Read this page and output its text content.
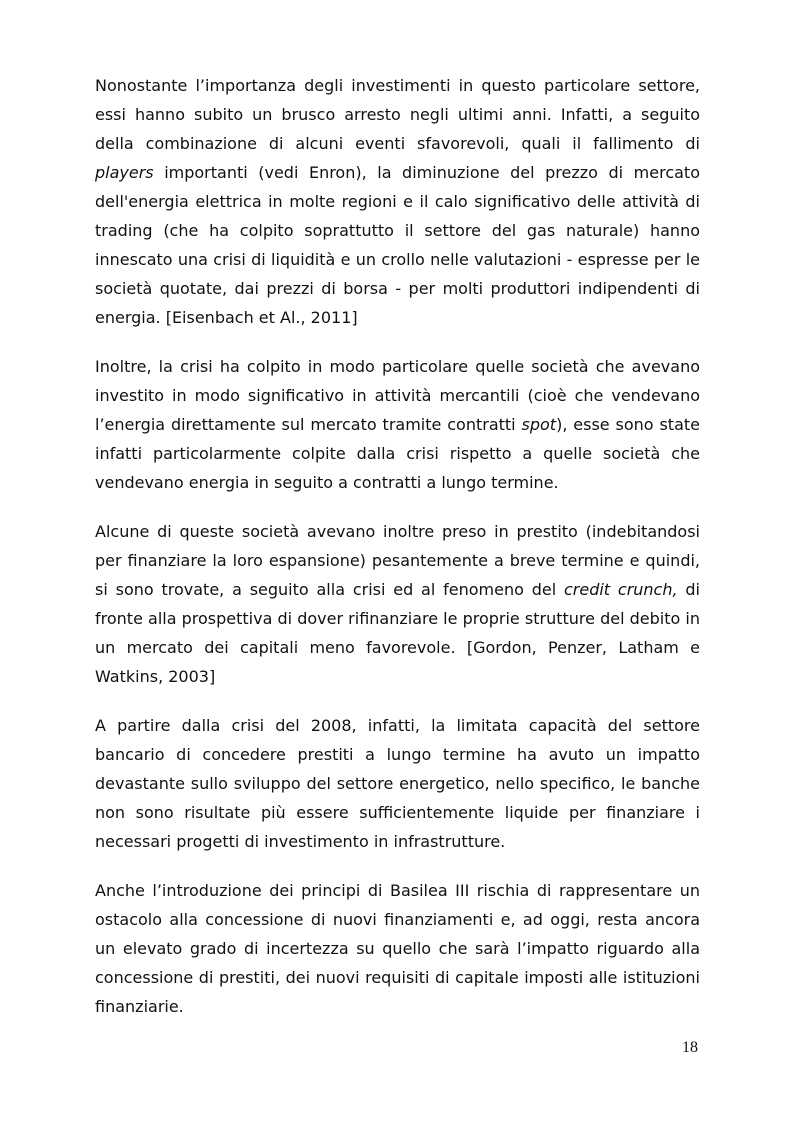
Nonostante l’importanza degli investimenti in questo particolare settore, essi hanno subito un brusco arresto negli ultimi anni. Infatti, a seguito della combinazione di alcuni eventi sfavorevoli, quali il fallimento di players importanti (vedi Enron), la diminuzione del prezzo di mercato dell'energia elettrica in molte regioni e il calo significativo delle attività di trading (che ha colpito soprattutto il settore del gas naturale) hanno innescato una crisi di liquidità e un crollo nelle valutazioni - espresse per le società quotate, dai prezzi di borsa - per molti produttori indipendenti di energia. [Eisenbach et Al., 2011]

Inoltre, la crisi ha colpito in modo particolare quelle società che avevano investito in modo significativo in attività mercantili (cioè che vendevano l’energia direttamente sul mercato tramite contratti spot), esse sono state infatti particolarmente colpite dalla crisi rispetto a quelle società che vendevano energia in seguito a contratti a lungo termine.

Alcune di queste società avevano inoltre preso in prestito (indebitandosi per finanziare la loro espansione) pesantemente a breve termine e quindi, si sono trovate, a seguito alla crisi ed al fenomeno del credit crunch, di fronte alla prospettiva di dover rifinanziare le proprie strutture del debito in un mercato dei capitali meno favorevole. [Gordon, Penzer, Latham e Watkins, 2003]

A partire dalla crisi del 2008, infatti, la limitata capacità del settore bancario di concedere prestiti a lungo termine ha avuto un impatto devastante sullo sviluppo del settore energetico, nello specifico, le banche non sono risultate più essere sufficientemente liquide per finanziare i necessari progetti di investimento in infrastrutture.

Anche l’introduzione dei principi di Basilea III rischia di rappresentare un ostacolo alla concessione di nuovi finanziamenti e, ad oggi, resta ancora un elevato grado di incertezza su quello che sarà l’impatto riguardo alla concessione di prestiti, dei nuovi requisiti di capitale imposti alle istituzioni finanziarie.

18
